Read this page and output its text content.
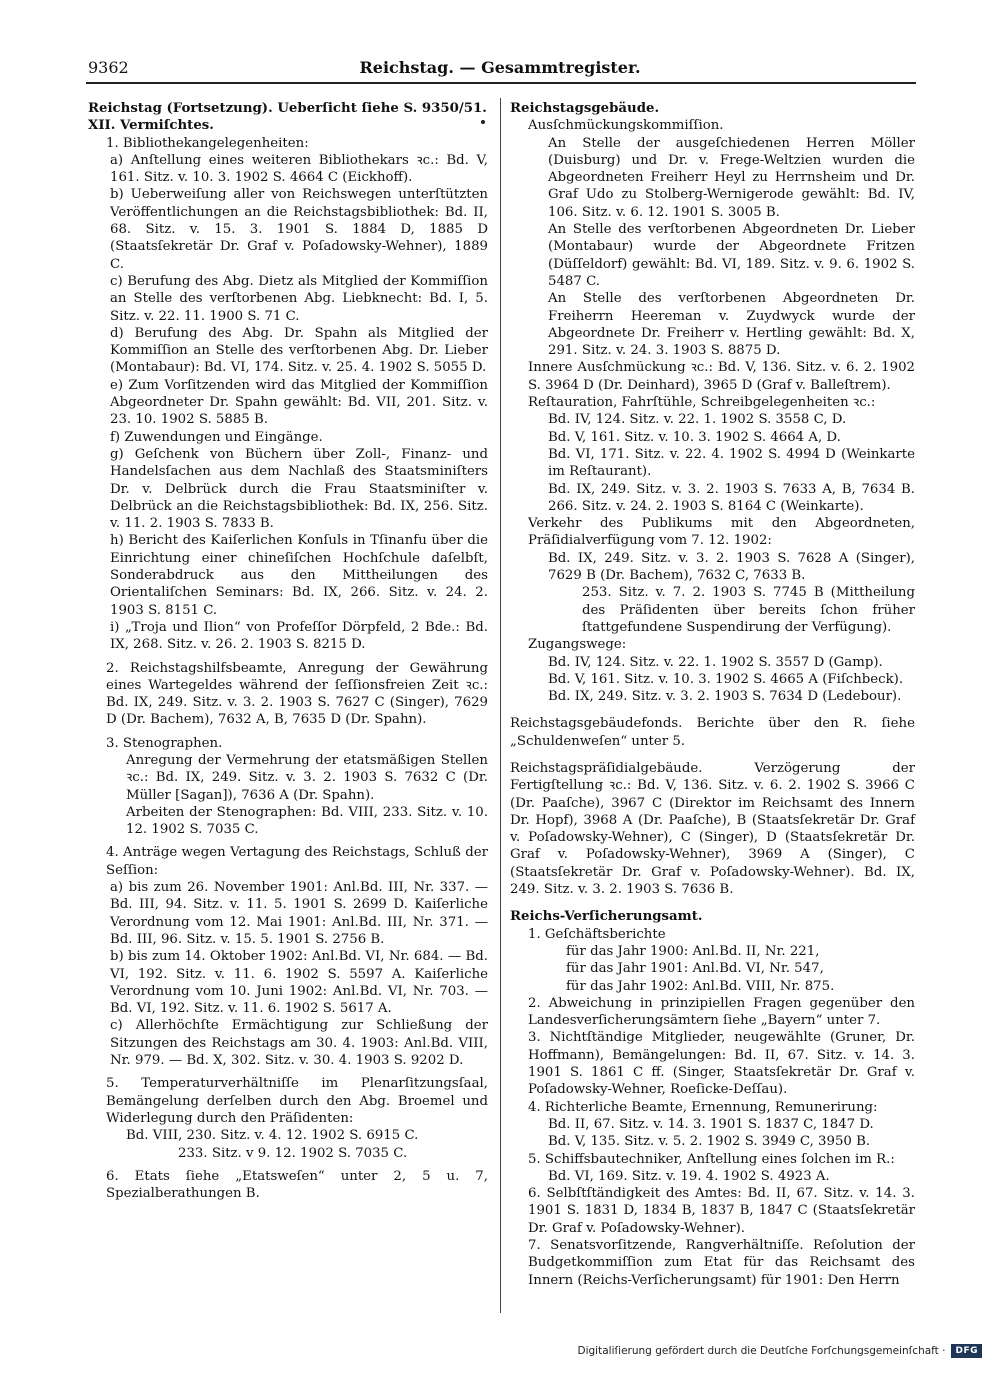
9362	Reichstag. — Gesammtregister.

Reichstag (Fortsetzung). Ueberſicht ſiehe S. 9350/51.

XII. Vermiſchtes.

1. Bibliothekangelegenheiten:

a) Anſtellung eines weiteren Bibliothekars ꝛc.: Bd. V, 161. Sitz. v. 10. 3. 1902 S. 4664 C (Eickhoff).

b) Ueberweiſung aller von Reichswegen unterſtützten Veröffentlichungen an die Reichstagsbibliothek: Bd. II, 68. Sitz. v. 15. 3. 1901 S. 1884 D, 1885 D (Staatsſekretär Dr. Graf v. Poſadowsky-Wehner), 1889 C.

c) Berufung des Abg. Dietz als Mitglied der Kommiſſion an Stelle des verſtorbenen Abg. Liebknecht: Bd. I, 5. Sitz. v. 22. 11. 1900 S. 71 C.

d) Berufung des Abg. Dr. Spahn als Mitglied der Kommiſſion an Stelle des verſtorbenen Abg. Dr. Lieber (Montabaur): Bd. VI, 174. Sitz. v. 25. 4. 1902 S. 5055 D.

e) Zum Vorſitzenden wird das Mitglied der Kommiſſion Abgeordneter Dr. Spahn gewählt: Bd. VII, 201. Sitz. v. 23. 10. 1902 S. 5885 B.

f) Zuwendungen und Eingänge.

g) Geſchenk von Büchern über Zoll-, Finanz- und Handelsſachen aus dem Nachlaß des Staatsminiſters Dr. v. Delbrück durch die Frau Staatsminiſter v. Delbrück an die Reichstagsbibliothek: Bd. IX, 256. Sitz. v. 11. 2. 1903 S. 7833 B.

h) Bericht des Kaiſerlichen Konſuls in Tſinanfu über die Einrichtung einer chineſiſchen Hochſchule daſelbſt, Sonderabdruck aus den Mittheilungen des Orientaliſchen Seminars: Bd. IX, 266. Sitz. v. 24. 2. 1903 S. 8151 C.

i) „Troja und Ilion“ von Profeſſor Dörpfeld, 2 Bde.: Bd. IX, 268. Sitz. v. 26. 2. 1903 S. 8215 D.

2. Reichstagshilfsbeamte, Anregung der Gewährung eines Wartegeldes während der ſeſſionsfreien Zeit ꝛc.: Bd. IX, 249. Sitz. v. 3. 2. 1903 S. 7627 C (Singer), 7629 D (Dr. Bachem), 7632 A, B, 7635 D (Dr. Spahn).

3. Stenographen.

Anregung der Vermehrung der etatsmäßigen Stellen ꝛc.: Bd. IX, 249. Sitz. v. 3. 2. 1903 S. 7632 C (Dr. Müller [Sagan]), 7636 A (Dr. Spahn).

Arbeiten der Stenographen: Bd. VIII, 233. Sitz. v. 10. 12. 1902 S. 7035 C.

4. Anträge wegen Vertagung des Reichstags, Schluß der Seſſion:

a) bis zum 26. November 1901: Anl.Bd. III, Nr. 337. — Bd. III, 94. Sitz. v. 11. 5. 1901 S. 2699 D. Kaiſerliche Verordnung vom 12. Mai 1901: Anl.Bd. III, Nr. 371. — Bd. III, 96. Sitz. v. 15. 5. 1901 S. 2756 B.

b) bis zum 14. Oktober 1902: Anl.Bd. VI, Nr. 684. — Bd. VI, 192. Sitz. v. 11. 6. 1902 S. 5597 A. Kaiſerliche Verordnung vom 10. Juni 1902: Anl.Bd. VI, Nr. 703. — Bd. VI, 192. Sitz. v. 11. 6. 1902 S. 5617 A.

c) Allerhöchſte Ermächtigung zur Schließung der Sitzungen des Reichstags am 30. 4. 1903: Anl.Bd. VIII, Nr. 979. — Bd. X, 302. Sitz. v. 30. 4. 1903 S. 9202 D.

5. Temperaturverhältniſſe im Plenarſitzungsſaal, Bemängelung derſelben durch den Abg. Broemel und Widerlegung durch den Präſidenten:

Bd. VIII, 230. Sitz. v. 4. 12. 1902 S. 6915 C.

233. Sitz. v 9. 12. 1902 S. 7035 C.

6. Etats ſiehe „Etatsweſen“ unter 2, 5 u. 7, Spezialberathungen B.

Reichstagsgebäude.

Ausſchmückungskommiſſion.

An Stelle der ausgeſchiedenen Herren Möller (Duisburg) und Dr. v. Frege-Weltzien wurden die Abgeordneten Freiherr Heyl zu Herrnsheim und Dr. Graf Udo zu Stolberg-Wernigerode gewählt: Bd. IV, 106. Sitz. v. 6. 12. 1901 S. 3005 B.

An Stelle des verſtorbenen Abgeordneten Dr. Lieber (Montabaur) wurde der Abgeordnete Fritzen (Düſſeldorf) gewählt: Bd. VI, 189. Sitz. v. 9. 6. 1902 S. 5487 C.

An Stelle des verſtorbenen Abgeordneten Dr. Freiherrn Heereman v. Zuydwyck wurde der Abgeordnete Dr. Freiherr v. Hertling gewählt: Bd. X, 291. Sitz. v. 24. 3. 1903 S. 8875 D.

Innere Ausſchmückung ꝛc.: Bd. V, 136. Sitz. v. 6. 2. 1902 S. 3964 D (Dr. Deinhard), 3965 D (Graf v. Balleſtrem).

Reſtauration, Fahrſtühle, Schreibgelegenheiten ꝛc.:

Bd. IV, 124. Sitz. v. 22. 1. 1902 S. 3558 C, D.

Bd. V, 161. Sitz. v. 10. 3. 1902 S. 4664 A, D.

Bd. VI, 171. Sitz. v. 22. 4. 1902 S. 4994 D (Weinkarte im Reſtaurant).

Bd. IX, 249. Sitz. v. 3. 2. 1903 S. 7633 A, B, 7634 B. 266. Sitz. v. 24. 2. 1903 S. 8164 C (Weinkarte).

Verkehr des Publikums mit den Abgeordneten, Präſidialverfügung vom 7. 12. 1902:

Bd. IX, 249. Sitz. v. 3. 2. 1903 S. 7628 A (Singer), 7629 B (Dr. Bachem), 7632 C, 7633 B.

253. Sitz. v. 7. 2. 1903 S. 7745 B (Mittheilung des Präſidenten über bereits ſchon früher ſtattgefundene Suspendirung der Verfügung).

Zugangswege:

Bd. IV, 124. Sitz. v. 22. 1. 1902 S. 3557 D (Gamp).

Bd. V, 161. Sitz. v. 10. 3. 1902 S. 4665 A (Fiſchbeck).

Bd. IX, 249. Sitz. v. 3. 2. 1903 S. 7634 D (Ledebour).

Reichstagsgebäudefonds. Berichte über den R. ſiehe „Schuldenweſen“ unter 5.

Reichstagspräſidialgebäude. Verzögerung der Fertigſtellung ꝛc.: Bd. V, 136. Sitz. v. 6. 2. 1902 S. 3966 C (Dr. Paaſche), 3967 C (Direktor im Reichsamt des Innern Dr. Hopf), 3968 A (Dr. Paaſche), B (Staatsſekretär Dr. Graf v. Poſadowsky-Wehner), C (Singer), D (Staatsſekretär Dr. Graf v. Poſadowsky-Wehner), 3969 A (Singer), C (Staatsſekretär Dr. Graf v. Poſadowsky-Wehner). Bd. IX, 249. Sitz. v. 3. 2. 1903 S. 7636 B.

Reichs-Verſicherungsamt.

1. Geſchäftsberichte

für das Jahr 1900: Anl.Bd. II, Nr. 221,

für das Jahr 1901: Anl.Bd. VI, Nr. 547,

für das Jahr 1902: Anl.Bd. VIII, Nr. 875.

2. Abweichung in prinzipiellen Fragen gegenüber den Landesverſicherungsämtern ſiehe „Bayern“ unter 7.

3. Nichtſtändige Mitglieder, neugewählte (Gruner, Dr. Hoffmann), Bemängelungen: Bd. II, 67. Sitz. v. 14. 3. 1901 S. 1861 C ff. (Singer, Staatsſekretär Dr. Graf v. Poſadowsky-Wehner, Roeſicke-Deſſau).

4. Richterliche Beamte, Ernennung, Remunerirung:

Bd. II, 67. Sitz. v. 14. 3. 1901 S. 1837 C, 1847 D.

Bd. V, 135. Sitz. v. 5. 2. 1902 S. 3949 C, 3950 B.

5. Schiffsbautechniker, Anſtellung eines ſolchen im R.:

Bd. VI, 169. Sitz. v. 19. 4. 1902 S. 4923 A.

6. Selbſtſtändigkeit des Amtes: Bd. II, 67. Sitz. v. 14. 3. 1901 S. 1831 D, 1834 B, 1837 B, 1847 C (Staatsſekretär Dr. Graf v. Poſadowsky-Wehner).

7. Senatsvorſitzende, Rangverhältniſſe. Reſolution der Budgetkommiſſion zum Etat für das Reichsamt des Innern (Reichs-Verſicherungsamt) für 1901: Den Herrn

Digitaliſierung gefördert durch die Deutſche Forſchungsgemeinſchaft ·	DFG
